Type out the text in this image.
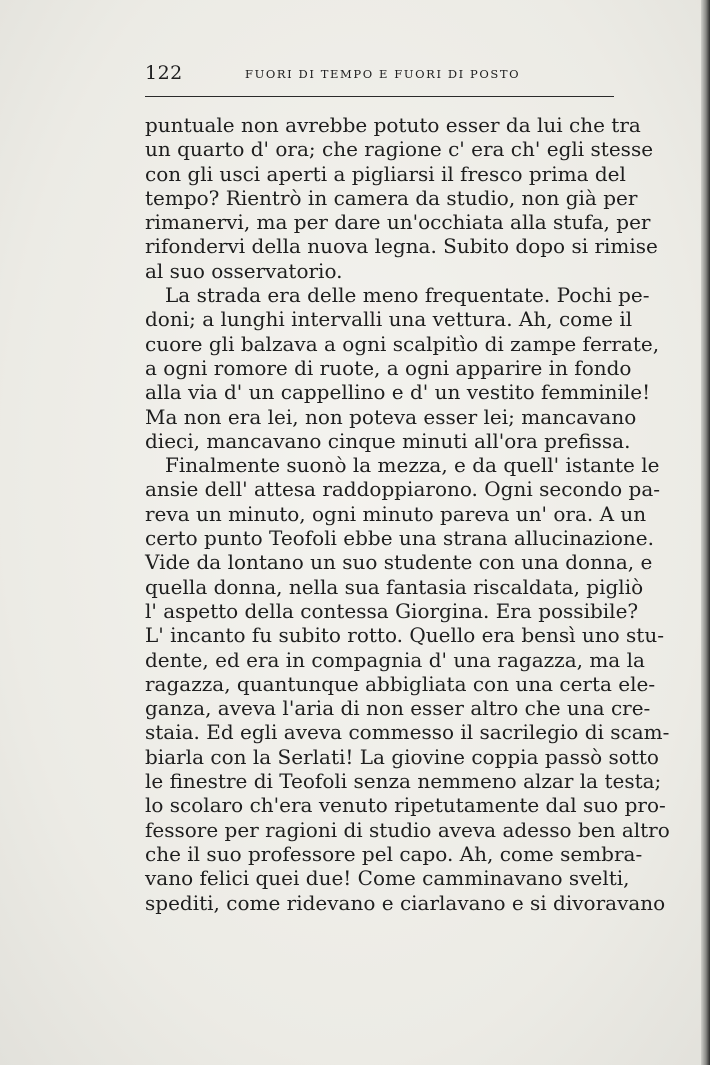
122	FUORI DI TEMPO E FUORI DI POSTO
puntuale non avrebbe potuto esser da lui che tra
un quarto d' ora; che ragione c' era ch' egli stesse
con gli usci aperti a pigliarsi il fresco prima del
tempo? Rientrò in camera da studio, non già per
rimanervi, ma per dare un'occhiata alla stufa, per
rifondervi della nuova legna. Subito dopo si rimise
al suo osservatorio.
La strada era delle meno frequentate. Pochi pe-
doni; a lunghi intervalli una vettura. Ah, come il
cuore gli balzava a ogni scalpitìo di zampe ferrate,
a ogni romore di ruote, a ogni apparire in fondo
alla via d' un cappellino e d' un vestito femminile!
Ma non era lei, non poteva esser lei; mancavano
dieci, mancavano cinque minuti all'ora prefissa.
Finalmente suonò la mezza, e da quell' istante le
ansie dell' attesa raddoppiarono. Ogni secondo pa-
reva un minuto, ogni minuto pareva un' ora. A un
certo punto Teofoli ebbe una strana allucinazione.
Vide da lontano un suo studente con una donna, e
quella donna, nella sua fantasia riscaldata, pigliò
l' aspetto della contessa Giorgina. Era possibile?
L' incanto fu subito rotto. Quello era bensì uno stu-
dente, ed era in compagnia d' una ragazza, ma la
ragazza, quantunque abbigliata con una certa ele-
ganza, aveva l'aria di non esser altro che una cre-
staia. Ed egli aveva commesso il sacrilegio di scam-
biarla con la Serlati! La giovine coppia passò sotto
le finestre di Teofoli senza nemmeno alzar la testa;
lo scolaro ch'era venuto ripetutamente dal suo pro-
fessore per ragioni di studio aveva adesso ben altro
che il suo professore pel capo. Ah, come sembra-
vano felici quei due! Come camminavano svelti,
spediti, come ridevano e ciarlavano e si divoravano
